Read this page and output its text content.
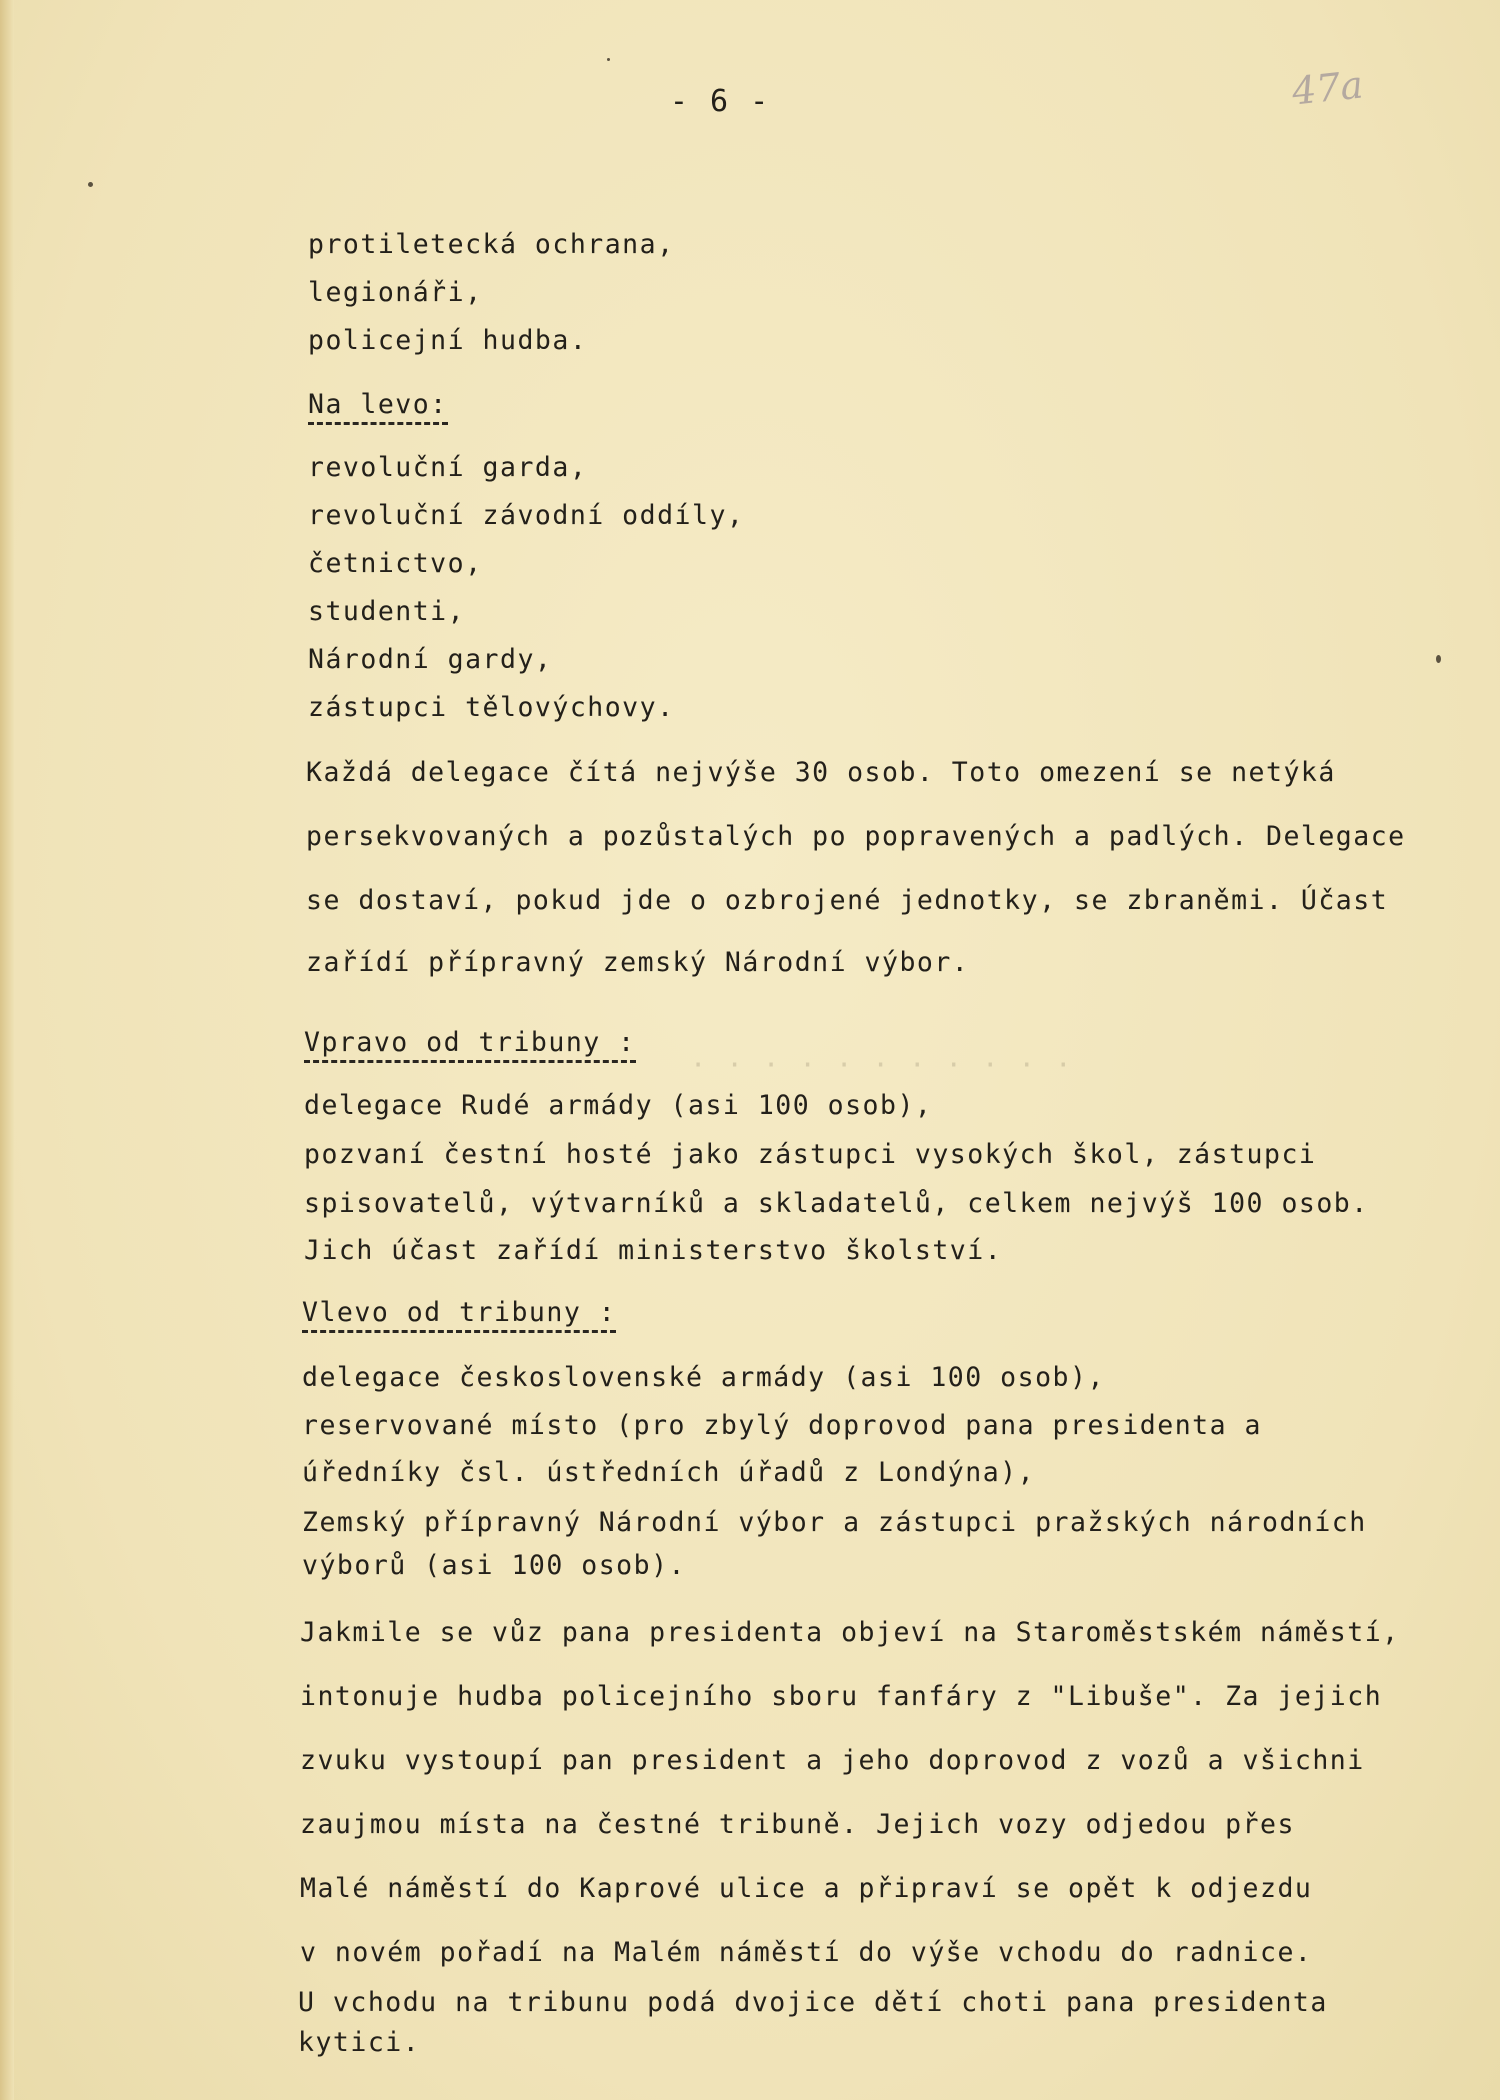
- 6 -	47a
protiletecká ochrana,
legionáři,
policejní hudba.
Na levo:
revoluční garda,
revoluční závodní oddíly,
četnictvo,
studenti,
Národní gardy,
zástupci tělovýchovy.
Každá delegace čítá nejvýše 30 osob. Toto omezení se netýká
persekvovaných a pozůstalých po popravených a padlých. Delegace
se dostaví, pokud jde o ozbrojené jednotky, se zbraněmi. Účast
zařídí přípravný zemský Národní výbor.
· · · · · · · · · · ·
Vpravo od tribuny :
delegace Rudé armády (asi 100 osob),
pozvaní čestní hosté jako zástupci vysokých škol, zástupci
spisovatelů, výtvarníků a skladatelů, celkem nejvýš 100 osob.
Jich účast zařídí ministerstvo školství.
Vlevo od tribuny :
delegace československé armády (asi 100 osob),
reservované místo (pro zbylý doprovod pana presidenta a
úředníky čsl. ústředních úřadů z Londýna),
Zemský přípravný Národní výbor a zástupci pražských národních
výborů (asi 100 osob).
Jakmile se vůz pana presidenta objeví na Staroměstském náměstí,
intonuje hudba policejního sboru fanfáry z "Libuše". Za jejich
zvuku vystoupí pan president a jeho doprovod z vozů a všichni
zaujmou místa na čestné tribuně. Jejich vozy odjedou přes
Malé náměstí do Kaprové ulice a připraví se opět k odjezdu
v novém pořadí na Malém náměstí do výše vchodu do radnice.
U vchodu na tribunu podá dvojice dětí choti pana presidenta
kytici.
